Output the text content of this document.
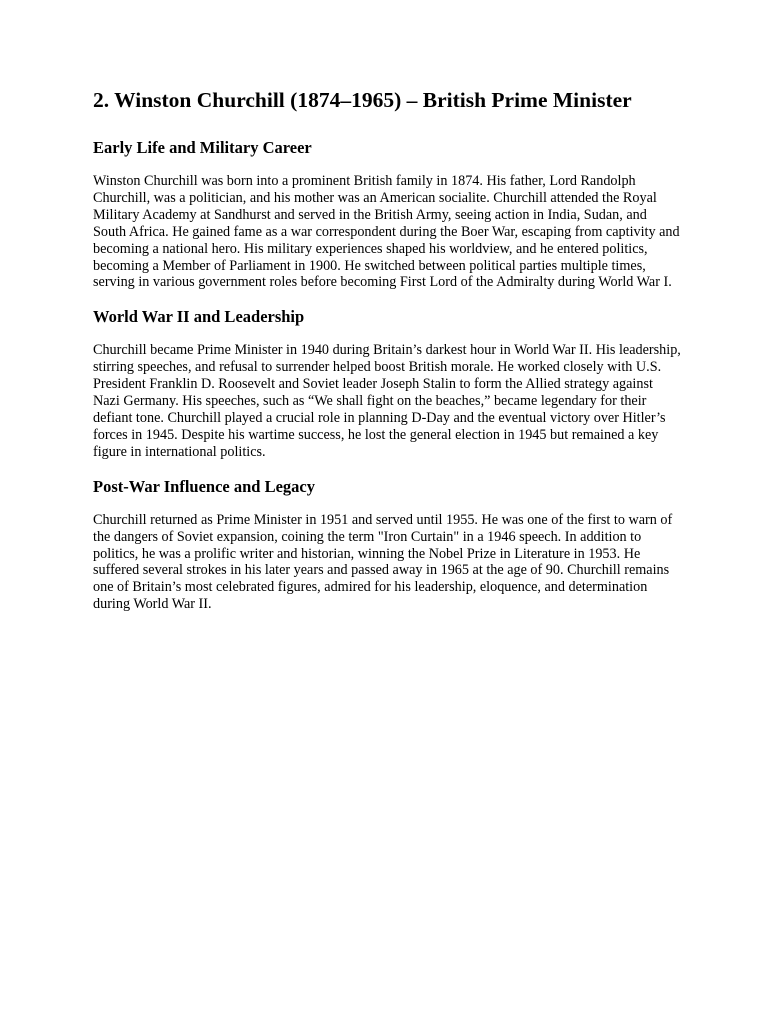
2. Winston Churchill (1874–1965) – British Prime Minister
Early Life and Military Career

Winston Churchill was born into a prominent British family in 1874. His father, Lord Randolph Churchill, was a politician, and his mother was an American socialite. Churchill attended the Royal Military Academy at Sandhurst and served in the British Army, seeing action in India, Sudan, and South Africa. He gained fame as a war correspondent during the Boer War, escaping from captivity and becoming a national hero. His military experiences shaped his worldview, and he entered politics, becoming a Member of Parliament in 1900. He switched between political parties multiple times, serving in various government roles before becoming First Lord of the Admiralty during World War I.

World War II and Leadership

Churchill became Prime Minister in 1940 during Britain’s darkest hour in World War II. His leadership, stirring speeches, and refusal to surrender helped boost British morale. He worked closely with U.S. President Franklin D. Roosevelt and Soviet leader Joseph Stalin to form the Allied strategy against Nazi Germany. His speeches, such as “We shall fight on the beaches,” became legendary for their defiant tone. Churchill played a crucial role in planning D-Day and the eventual victory over Hitler’s forces in 1945. Despite his wartime success, he lost the general election in 1945 but remained a key figure in international politics.

Post-War Influence and Legacy

Churchill returned as Prime Minister in 1951 and served until 1955. He was one of the first to warn of the dangers of Soviet expansion, coining the term "Iron Curtain" in a 1946 speech. In addition to politics, he was a prolific writer and historian, winning the Nobel Prize in Literature in 1953. He suffered several strokes in his later years and passed away in 1965 at the age of 90. Churchill remains one of Britain’s most celebrated figures, admired for his leadership, eloquence, and determination during World War II.
